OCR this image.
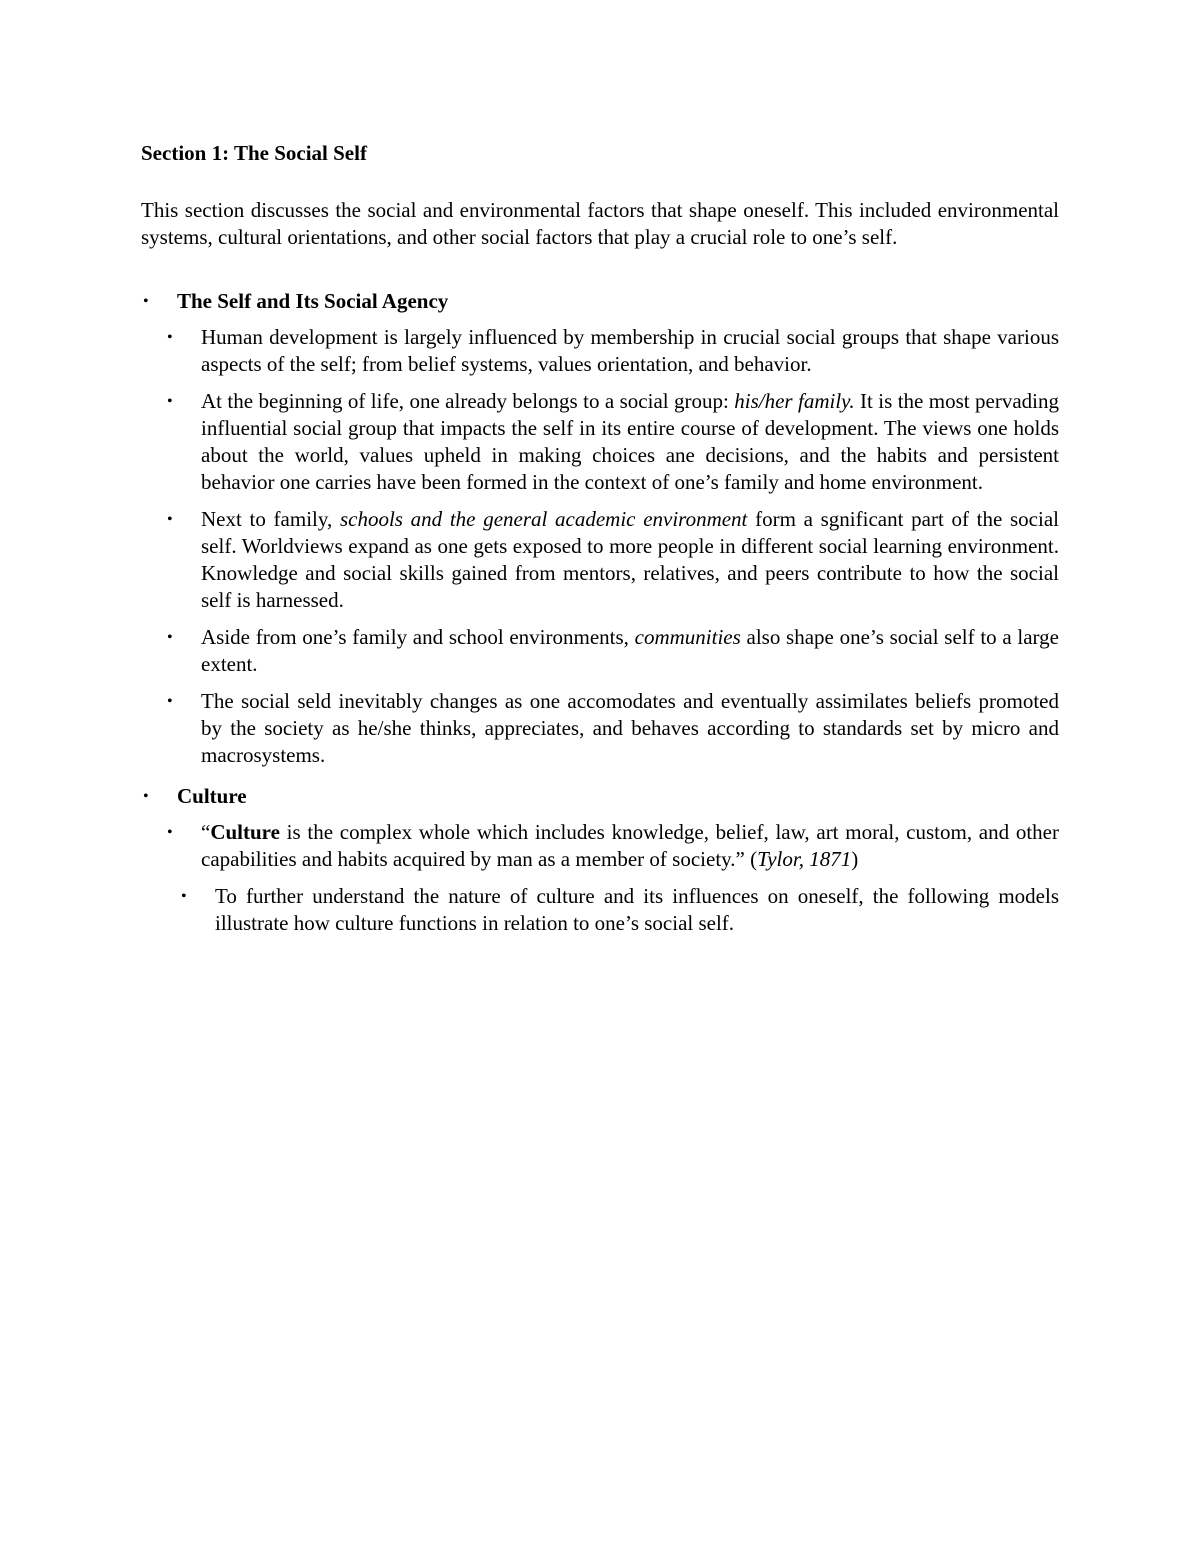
Section 1: The Social Self

This section discusses the social and environmental factors that shape oneself. This included environmental systems, cultural orientations, and other social factors that play a crucial role to one’s self.

• The Self and Its Social Agency
• Human development is largely influenced by membership in crucial social groups that shape various aspects of the self; from belief systems, values orientation, and behavior.
• At the beginning of life, one already belongs to a social group: his/her family. It is the most pervading influential social group that impacts the self in its entire course of development. The views one holds about the world, values upheld in making choices ane decisions, and the habits and persistent behavior one carries have been formed in the context of one’s family and home environment.
• Next to family, schools and the general academic environment form a sgnificant part of the social self. Worldviews expand as one gets exposed to more people in different social learning environment. Knowledge and social skills gained from mentors, relatives, and peers contribute to how the social self is harnessed.
• Aside from one’s family and school environments, communities also shape one’s social self to a large extent.
• The social seld inevitably changes as one accomodates and eventually assimilates beliefs promoted by the society as he/she thinks, appreciates, and behaves according to standards set by micro and macrosystems.
• Culture
• “Culture is the complex whole which includes knowledge, belief, law, art moral, custom, and other capabilities and habits acquired by man as a member of society.” (Tylor, 1871)
• To further understand the nature of culture and its influences on oneself, the following models illustrate how culture functions in relation to one’s social self.
